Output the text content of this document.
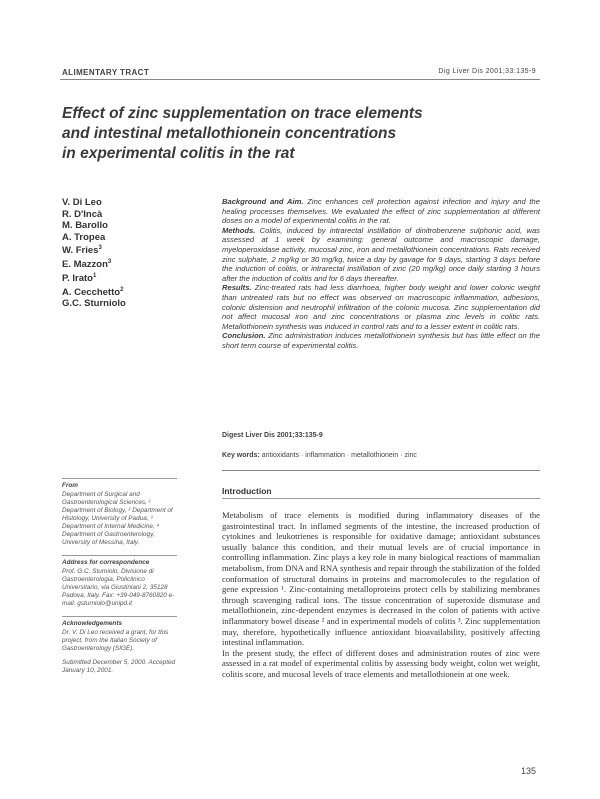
ALIMENTARY TRACT	Dig Liver Dis 2001;33:135-9
Effect of zinc supplementation on trace elements
and intestinal metallothionein concentrations
in experimental colitis in the rat
V. Di Leo
R. D'Incà
M. Barollo
A. Tropea
W. Fries$^3$
E. Mazzon$^3$
P. Irato$^1$
A. Cecchetto$^2$
G.C. Sturniolo

Background and Aim. Zinc enhances cell protection against infection and injury and the healing processes themselves. We evaluated the effect of zinc supplementation at different doses on a model of experimental colitis in the rat.

Methods. Colitis, induced by intrarectal instillation of dinitrobenzene sulphonic acid, was assessed at 1 week by examining: general outcome and macroscopic damage, myeloperoxidase activity, mucosal zinc, iron and metallothionein concentrations. Rats received zinc sulphate, 2 mg/kg or 30 mg/kg, twice a day by gavage for 9 days, starting 3 days before the induction of colitis, or intrarectal instillation of zinc (20 mg/kg) once daily starting 3 hours after the induction of colitis and for 6 days thereafter.

Results. Zinc-treated rats had less diarrhoea, higher body weight and lower colonic weight than untreated rats but no effect was observed on macroscopic inflammation, adhesions, colonic distension and neutrophil infiltration of the colonic mucosa. Zinc supplementation did not affect mucosal iron and zinc concentrations or plasma zinc levels in colitic rats. Metallothionein synthesis was induced in control rats and to a lesser extent in colitic rats.

Conclusion. Zinc administration induces metallothionein synthesis but has little effect on the short term course of experimental colitis.

Digest Liver Dis 2001;33:135-9
Key words: antioxidants · inflammation · metallothionein · zinc
From
Department of Surgical and Gastroenterological Sciences, ¹ Department of Biology, ² Department of Histology, University of Padua, ³ Department of Internal Medicine, ⁴ Department of Gastroenterology, University of Messina, Italy.
Address for correspondence
Prof. G.C. Sturniolo, Divisione di Gastroenterologia, Policlinico Universitario, via Giustiniani 2, 35128 Padova, Italy. Fax: +39-049-8760820 e-mail: gsturniolo@unipd.it
Acknowledgements
Dr. V. Di Leo received a grant, for this project, from the Italian Society of Gastroenterology (SIGE).
Submitted December 5, 2000. Accepted January 10, 2001.
Introduction

Metabolism of trace elements is modified during inflammatory diseases of the gastrointestinal tract. In inflamed segments of the intestine, the increased production of cytokines and leukotrienes is responsible for oxidative damage; antioxidant substances usually balance this condition, and their mutual levels are of crucial importance in controlling inflammation. Zinc plays a key role in many biological reactions of mammalian metabolism, from DNA and RNA synthesis and repair through the stabilization of the folded conformation of structural domains in proteins and macromolecules to the regulation of gene expression ¹. Zinc-containing metalloproteins protect cells by stabilizing membranes through scavenging radical ions. The tissue concentration of superoxide dismutase and metallothionein, zinc-dependent enzymes is decreased in the colon of patients with active inflammatory bowel disease ² and in experimental models of colitis ³. Zinc supplementation may, therefore, hypothetically influence antioxidant bioavailability, positively affecting intestinal inflammation.

In the present study, the effect of different doses and administration routes of zinc were assessed in a rat model of experimental colitis by assessing body weight, colon wet weight, colitis score, and mucosal levels of trace elements and metallothionein at one week.

135
